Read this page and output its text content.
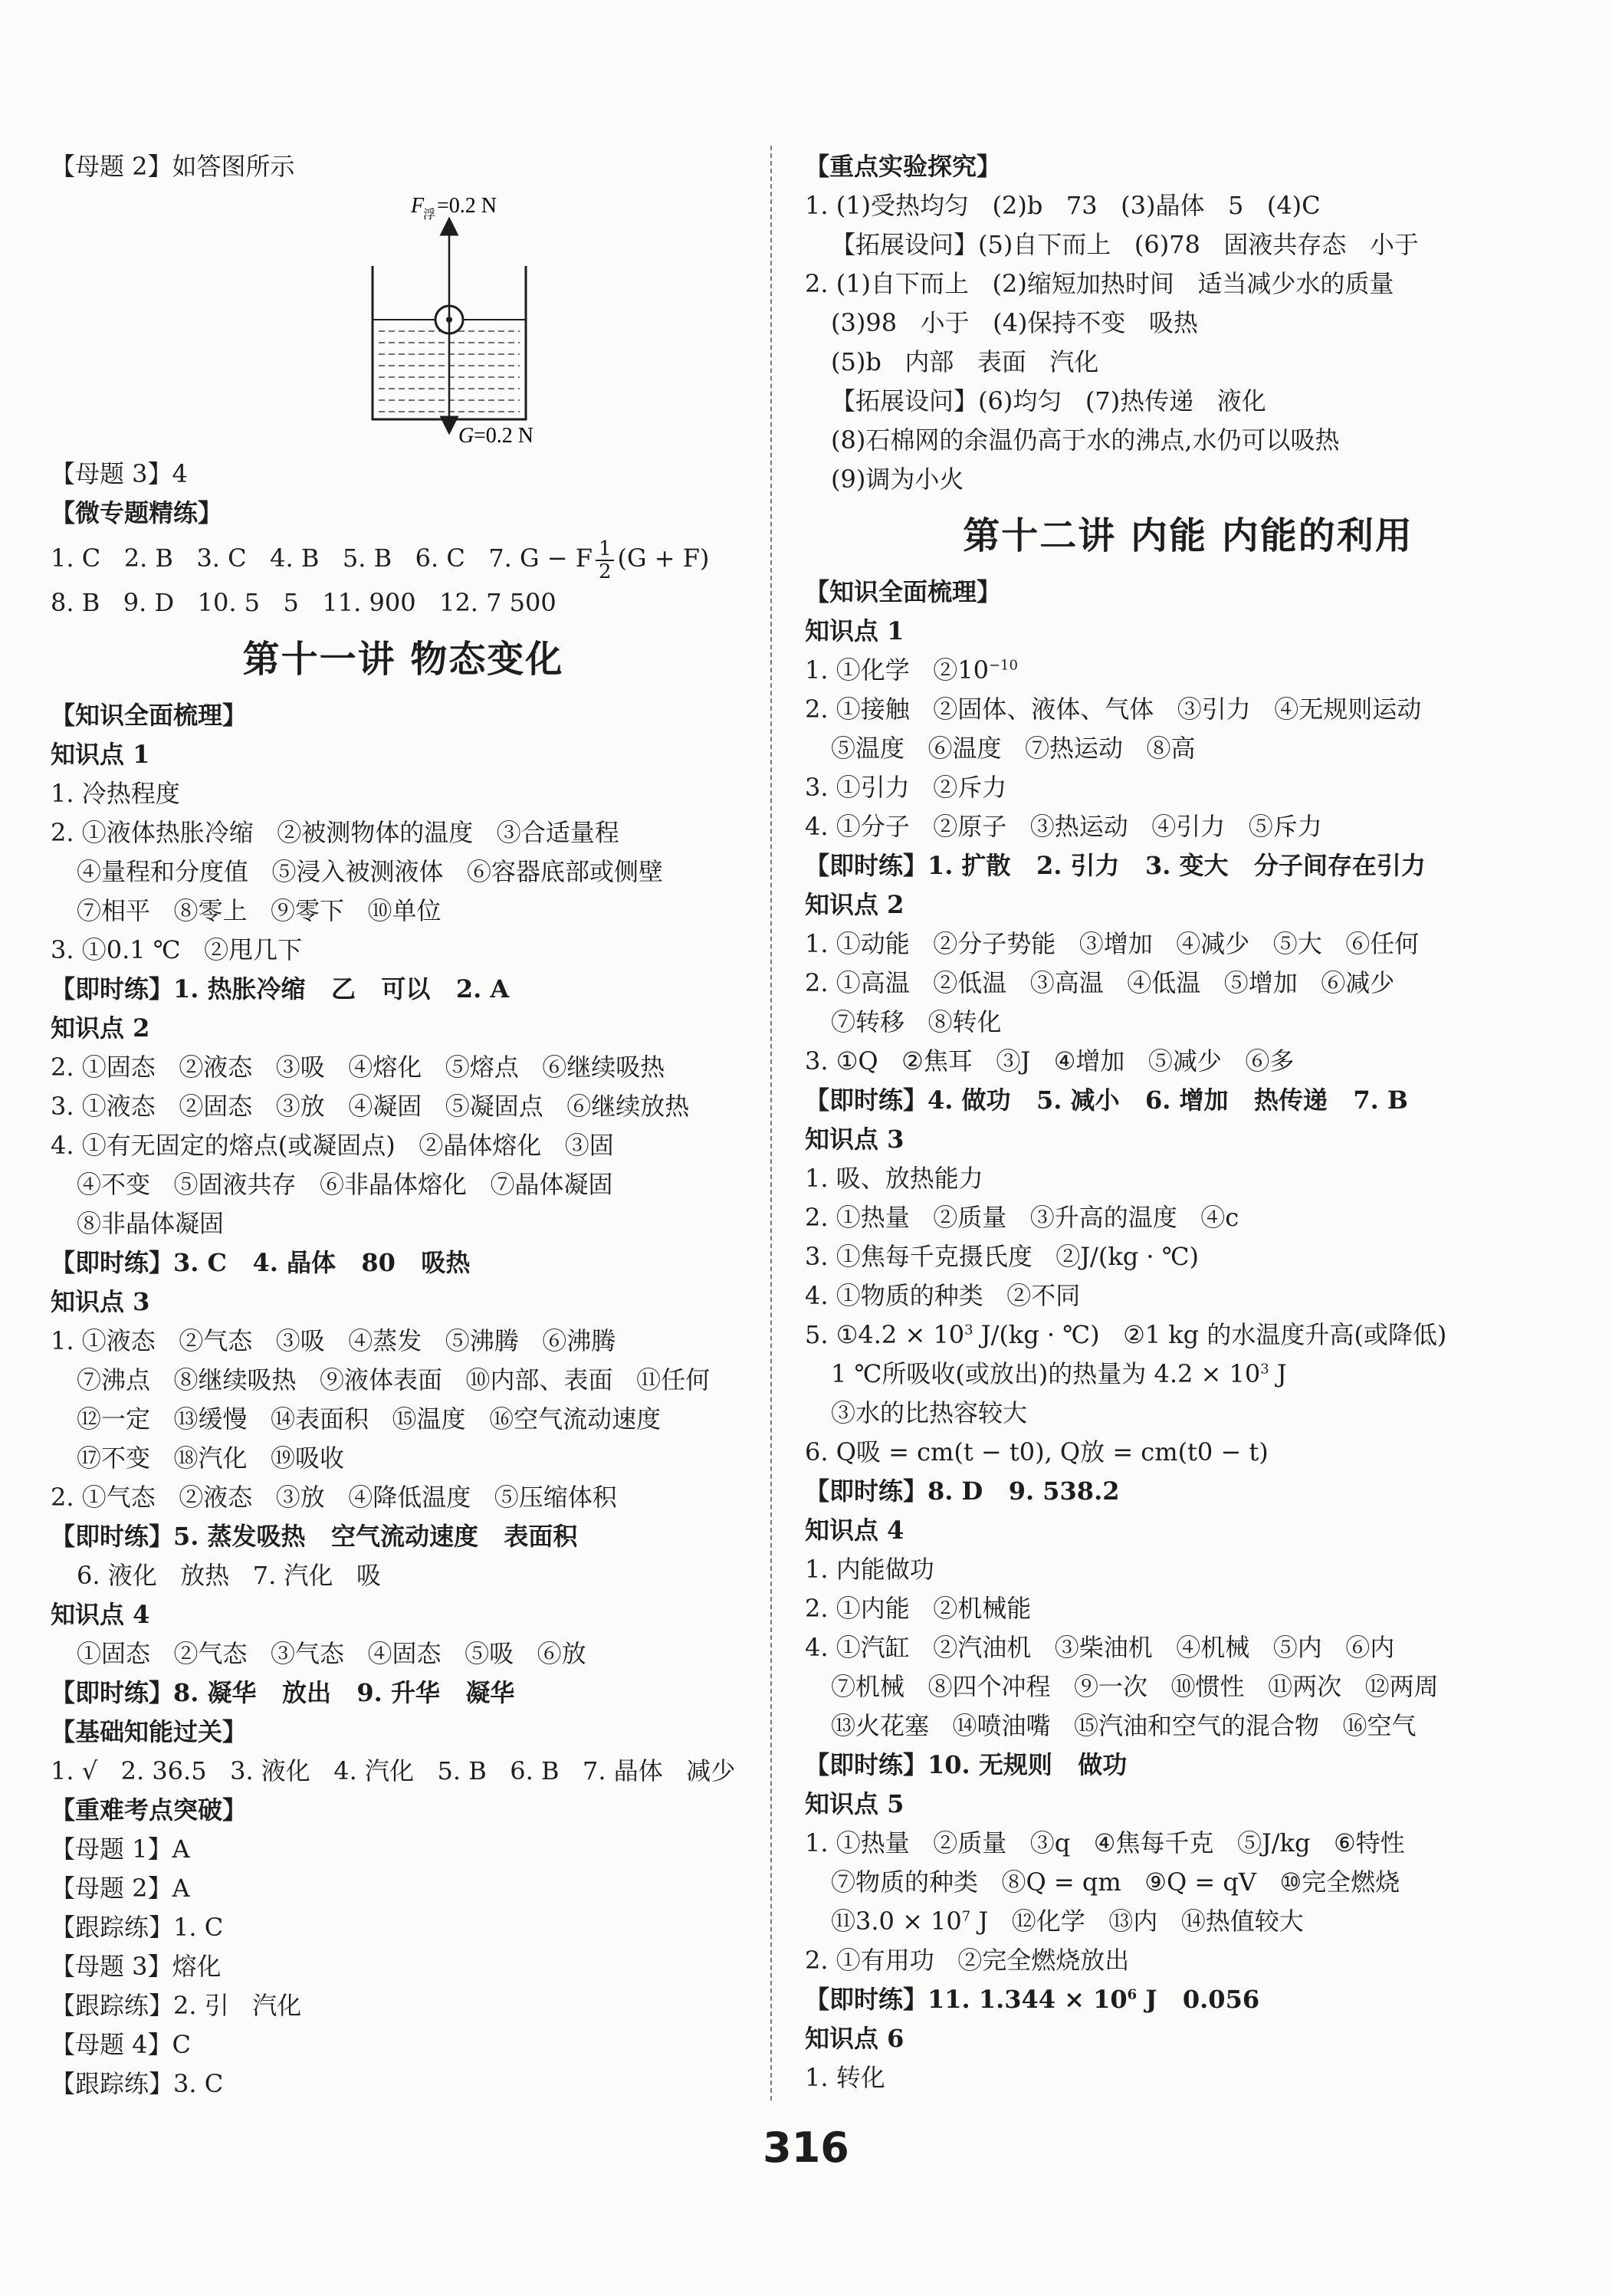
【母题 2】如答图所示
F
浮 =0.2 N
G =0.2 N
【母题 3】4
【微专题精练】
1. C   2. B   3. C   4. B   5. B   6. C   7. G − F $\frac{1}{2} (G + F)$
8. B   9. D   10. 5   5   11. 900   12. 7 500
第十一讲 物态变化
【知识全面梳理】
知识点 1
1. 冷热程度
2. ①液体热胀冷缩   ②被测物体的温度   ③合适量程
④量程和分度值   ⑤浸入被测液体   ⑥容器底部或侧壁
⑦相平   ⑧零上   ⑨零下   ⑩单位
3. ①0.1 ℃   ②甩几下
【即时练】1. 热胀冷缩   乙   可以   2. A
知识点 2
2. ①固态   ②液态   ③吸   ④熔化   ⑤熔点   ⑥继续吸热
3. ①液态   ②固态   ③放   ④凝固   ⑤凝固点   ⑥继续放热
4. ①有无固定的熔点(或凝固点)   ②晶体熔化   ③固
④不变   ⑤固液共存   ⑥非晶体熔化   ⑦晶体凝固
⑧非晶体凝固
【即时练】3. C   4. 晶体   80   吸热
知识点 3
1. ①液态   ②气态   ③吸   ④蒸发   ⑤沸腾   ⑥沸腾
⑦沸点   ⑧继续吸热   ⑨液体表面   ⑩内部、表面   ⑪任何
⑫一定   ⑬缓慢   ⑭表面积   ⑮温度   ⑯空气流动速度
⑰不变   ⑱汽化   ⑲吸收
2. ①气态   ②液态   ③放   ④降低温度   ⑤压缩体积
【即时练】5. 蒸发吸热   空气流动速度   表面积
6. 液化   放热   7. 汽化   吸
知识点 4
①固态   ②气态   ③气态   ④固态   ⑤吸   ⑥放
【即时练】8. 凝华   放出   9. 升华   凝华
【基础知能过关】
1. √   2. 36.5   3. 液化   4. 汽化   5. B   6. B   7. 晶体   减少
【重难考点突破】
【母题 1】A
【母题 2】A
【跟踪练】1. C
【母题 3】熔化
【跟踪练】2. 引   汽化
【母题 4】C
【跟踪练】3. C
【重点实验探究】
1. (1)受热均匀   (2)b   73   (3)晶体   5   (4)C
【拓展设问】(5)自下而上   (6)78   固液共存态   小于
2. (1)自下而上   (2)缩短加热时间   适当减少水的质量
(3)98   小于   (4)保持不变   吸热
(5)b   内部   表面   汽化
【拓展设问】(6)均匀   (7)热传递   液化
(8)石棉网的余温仍高于水的沸点,水仍可以吸热
(9)调为小火
第十二讲 内能 内能的利用
【知识全面梳理】
知识点 1
1. ①化学   $②10^{-10}$
2. ①接触   ②固体、液体、气体   ③引力   ④无规则运动
⑤温度   ⑥温度   ⑦热运动   ⑧高
3. ①引力   ②斥力
4. ①分子   ②原子   ③热运动   ④引力   ⑤斥力
【即时练】1. 扩散   2. 引力   3. 变大   分子间存在引力
知识点 2
1. ①动能   ②分子势能   ③增加   ④减少   ⑤大   ⑥任何
2. ①高温   ②低温   ③高温   ④低温   ⑤增加   ⑥减少
⑦转移   ⑧转化
3. ①Q   ②焦耳   ③J   ④增加   ⑤减少   ⑥多
【即时练】4. 做功   5. 减小   6. 增加   热传递   7. B
知识点 3
1. 吸、放热能力
2. ①热量   ②质量   ③升高的温度   ④c
3. ①焦每千克摄氏度   ②J/(kg · ℃)
4. ①物质的种类   ②不同
5. ①4.2 × $10^3$ J/(kg · ℃)   ②1 kg 的水温度升高(或降低)
1 ℃所吸收(或放出)的热量为 $4.2 \times 10^3$ J
③水的比热容较大
6. Q吸 = cm(t − t0), Q放 = cm(t0 − t)
【即时练】8. D   9. 538.2
知识点 4
1. 内能做功
2. ①内能   ②机械能
4. ①汽缸   ②汽油机   ③柴油机   ④机械   ⑤内   ⑥内
⑦机械   ⑧四个冲程   ⑨一次   ⑩惯性   ⑪两次   ⑫两周
⑬火花塞   ⑭喷油嘴   ⑮汽油和空气的混合物   ⑯空气
【即时练】10. 无规则   做功
知识点 5
1. ①热量   ②质量   ③q   ④焦每千克   ⑤J/kg   ⑥特性
⑦物质的种类   ⑧Q = qm   ⑨Q = qV   ⑩完全燃烧
⑪3.0 × $10^7$ J   ⑫化学   ⑬内   ⑭热值较大
2. ①有用功   ②完全燃烧放出
【即时练】11. $1.344 \times 10^6$ J   0.056
知识点 6
1. 转化
316
